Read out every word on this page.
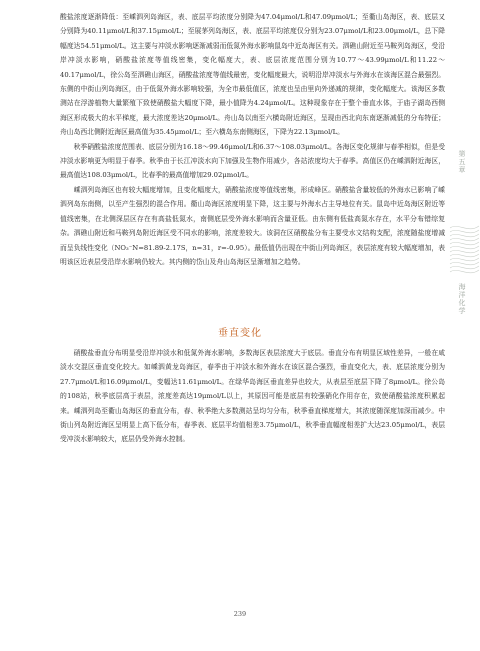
酸盐浓度逐渐降低：至嵊泗列岛海区，表、底层平均浓度分别降为47.04μmol/L和47.09μmol/L；至衢山岛海区，表、底层又分别降为40.11μmol/L和37.15μmol/L；至展茅列岛海区，表、底层平均浓度仅分别为23.07μmol/L和23.00μmol/L，总下降幅度达54.51μmol/L。这主要与冲淡水影响逐渐减弱而低氮外海水影响鼠岛中近岛海区有关。泗礁山附近至马鞍列岛海区，受沿岸冲淡水影响，硝酸盐浓度等值线密集，变化幅度大，表、底层浓度范围分别为10.77～43.99μmol/L和11.22～40.17μmol/L，徐公岛至泗礁山海区，硝酸盐浓度等值线最密，变化幅度最大，说明沿岸冲淡水与外海水在该海区混合最强烈。东侧的中街山列岛海区，由于低氮外海水影响较强，为全市最低值区，浓度也呈由里向外递减的规律，变化幅度大。该海区多数测站在浮游植物大量繁殖下致使硝酸盐大幅度下降，最小值降为4.24μmol/L。这种现象存在于整个垂直水体，于庙子湖岛西侧海区形成极大的水平梯度，最大浓度差达20μmol/L。舟山岛以南至六横岛附近海区，呈现由西北向东南逐渐减低的分布特征；舟山岛西北侧附近海区最高值为35.45μmol/L；至六横岛东南侧海区，下降为22.13μmol/L。

秋季硝酸盐浓度范围表、底层分别为16.18～99.46μmol/L和6.37～108.03μmol/L。各海区变化规律与春季相似，但是受冲淡水影响更为明显于春季。秋季由于长江冲淡水向下加强及生物作用减少，各站浓度均大于春季。高值区仍在嵊泗附近海区，最高值达108.03μmol/L，比春季的最高值增加29.02μmol/L。

嵊泗列岛海区也有较大幅度增加，且变化幅度大，硝酸盐浓度等值线密集，形成峰区。硝酸盐含量较低的外海水已影响了嵊泗列岛东南侧，以至产生强烈的混合作用。衢山岛海区浓度明显下降，这主要与外海水占主导地位有关。鼠岛中近岛海区附近等值线密集，在北侧深层区存在有高盐低氮水，南侧底层受外海水影响而含量亚低。由东侧有低盐高氮水存在，水平分布错综复杂。泗礁山附近和马鞍列岛附近海区受不同水的影响，浓度差较大。该洞在区硝酸盐分布主要受水文结构支配，浓度随盐度增减而呈负线性变化（NO₃⁻N=81.89-2.17S，n=31，r=-0.95）。最低值仍出现在中街山列岛海区，表层浓度有较大幅度增加，表明该区近表层受沿岸水影响仍较大。其内侧的岱山及舟山岛海区呈渐增加之趋势。

垂直变化

硝酸盐垂直分布明显受沿岸冲淡水和低氮外海水影响，多数海区表层浓度大于底层。垂直分布有明显区域性差异，一般在咸淡水交混区垂直变化较大。如嵊泗黄龙岛海区，春季由于冲淡水和外海水在该区混合强烈，垂直变化大，表、底层浓度分别为27.7μmol/L和16.09μmol/L，变幅达11.61μmol/L。在绿华岛海区垂直差异也较大，从表层至底层下降了8μmol/L。徐公岛的108站，秋季底层高于表层，浓度差高达19μmol/L以上，其原因可能是底层有较强硝化作用存在，致使硝酸盐浓度积累起来。嵊泗列岛至衢山岛海区的垂直分布，春、秋季绝大多数测站呈均匀分布，秋季垂直梯度增大，其浓度随深度加深而减少。中街山列岛附近海区呈明显上高下低分布，春季表、底层平均值相差3.75μmol/L，秋季垂直幅度相差扩大达23.05μmol/L，表层受冲淡水影响较大，底层仍受外海水控制。

第五章
海洋化学
239
